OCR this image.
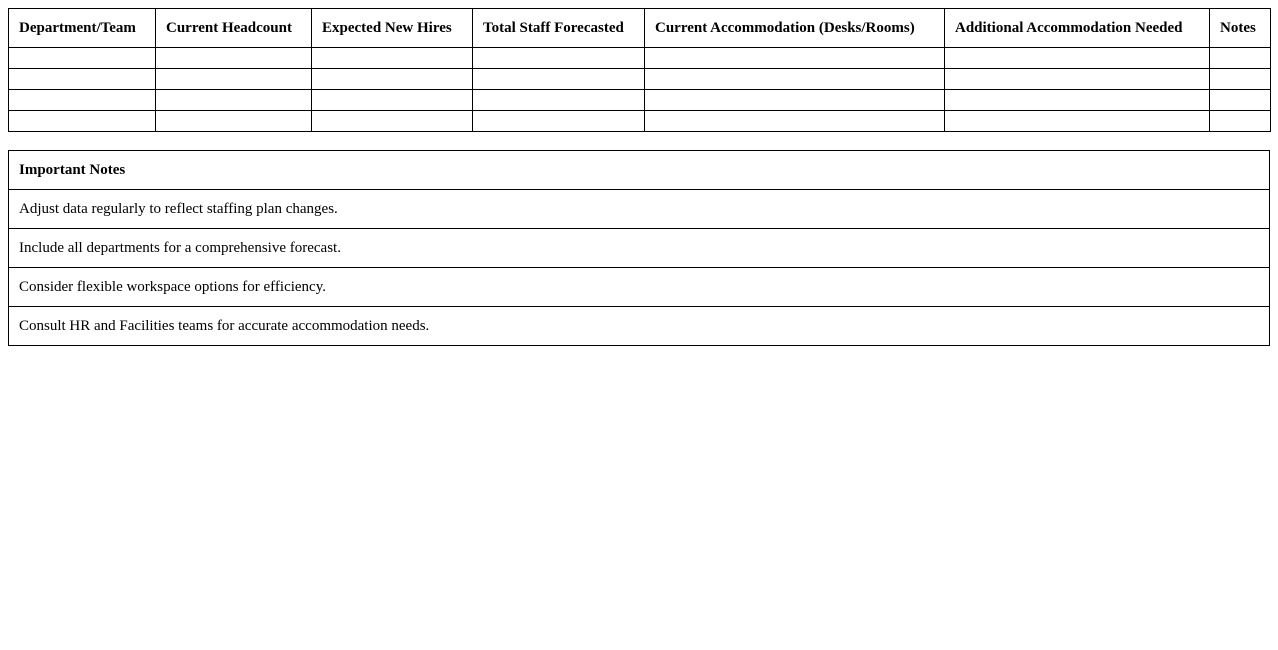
Department/Team	Current Headcount	Expected New Hires	Total Staff Forecasted	Current Accommodation (Desks/Rooms)	Additional Accommodation Needed	Notes

Important Notes
Adjust data regularly to reflect staffing plan changes.
Include all departments for a comprehensive forecast.
Consider flexible workspace options for efficiency.
Consult HR and Facilities teams for accurate accommodation needs.
